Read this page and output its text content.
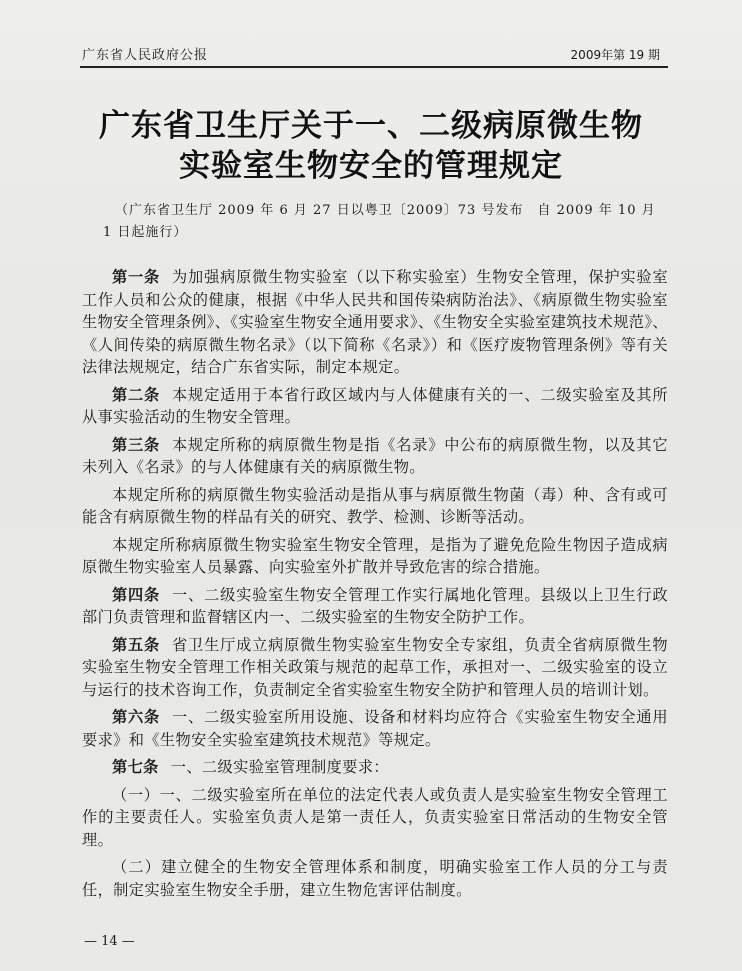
广东省人民政府公报	2009年第 19 期
广东省卫生厅关于一、二级病原微生物
实验室生物安全的管理规定
（广东省卫生厅 2009 年 6 月 27 日以粤卫〔2009〕73 号发布　自 2009 年 10 月 1 日起施行）

第一条 为加强病原微生物实验室（以下称实验室）生物安全管理，保护实验室工作人员和公众的健康，根据《中华人民共和国传染病防治法》、《病原微生物实验室生物安全管理条例》、《实验室生物安全通用要求》、《生物安全实验室建筑技术规范》、《人间传染的病原微生物名录》（以下简称《名录》）和《医疗废物管理条例》等有关法律法规规定，结合广东省实际，制定本规定。

第二条 本规定适用于本省行政区域内与人体健康有关的一、二级实验室及其所从事实验活动的生物安全管理。

第三条 本规定所称的病原微生物是指《名录》中公布的病原微生物，以及其它未列入《名录》的与人体健康有关的病原微生物。

本规定所称的病原微生物实验活动是指从事与病原微生物菌（毒）种、含有或可能含有病原微生物的样品有关的研究、教学、检测、诊断等活动。

本规定所称病原微生物实验室生物安全管理，是指为了避免危险生物因子造成病原微生物实验室人员暴露、向实验室外扩散并导致危害的综合措施。

第四条 一、二级实验室生物安全管理工作实行属地化管理。县级以上卫生行政部门负责管理和监督辖区内一、二级实验室的生物安全防护工作。

第五条 省卫生厅成立病原微生物实验室生物安全专家组，负责全省病原微生物实验室生物安全管理工作相关政策与规范的起草工作，承担对一、二级实验室的设立与运行的技术咨询工作，负责制定全省实验室生物安全防护和管理人员的培训计划。

第六条 一、二级实验室所用设施、设备和材料均应符合《实验室生物安全通用要求》和《生物安全实验室建筑技术规范》等规定。

第七条 一、二级实验室管理制度要求：

（一）一、二级实验室所在单位的法定代表人或负责人是实验室生物安全管理工作的主要责任人。实验室负责人是第一责任人，负责实验室日常活动的生物安全管理。

（二）建立健全的生物安全管理体系和制度，明确实验室工作人员的分工与责任，制定实验室生物安全手册，建立生物危害评估制度。

— 14 —
